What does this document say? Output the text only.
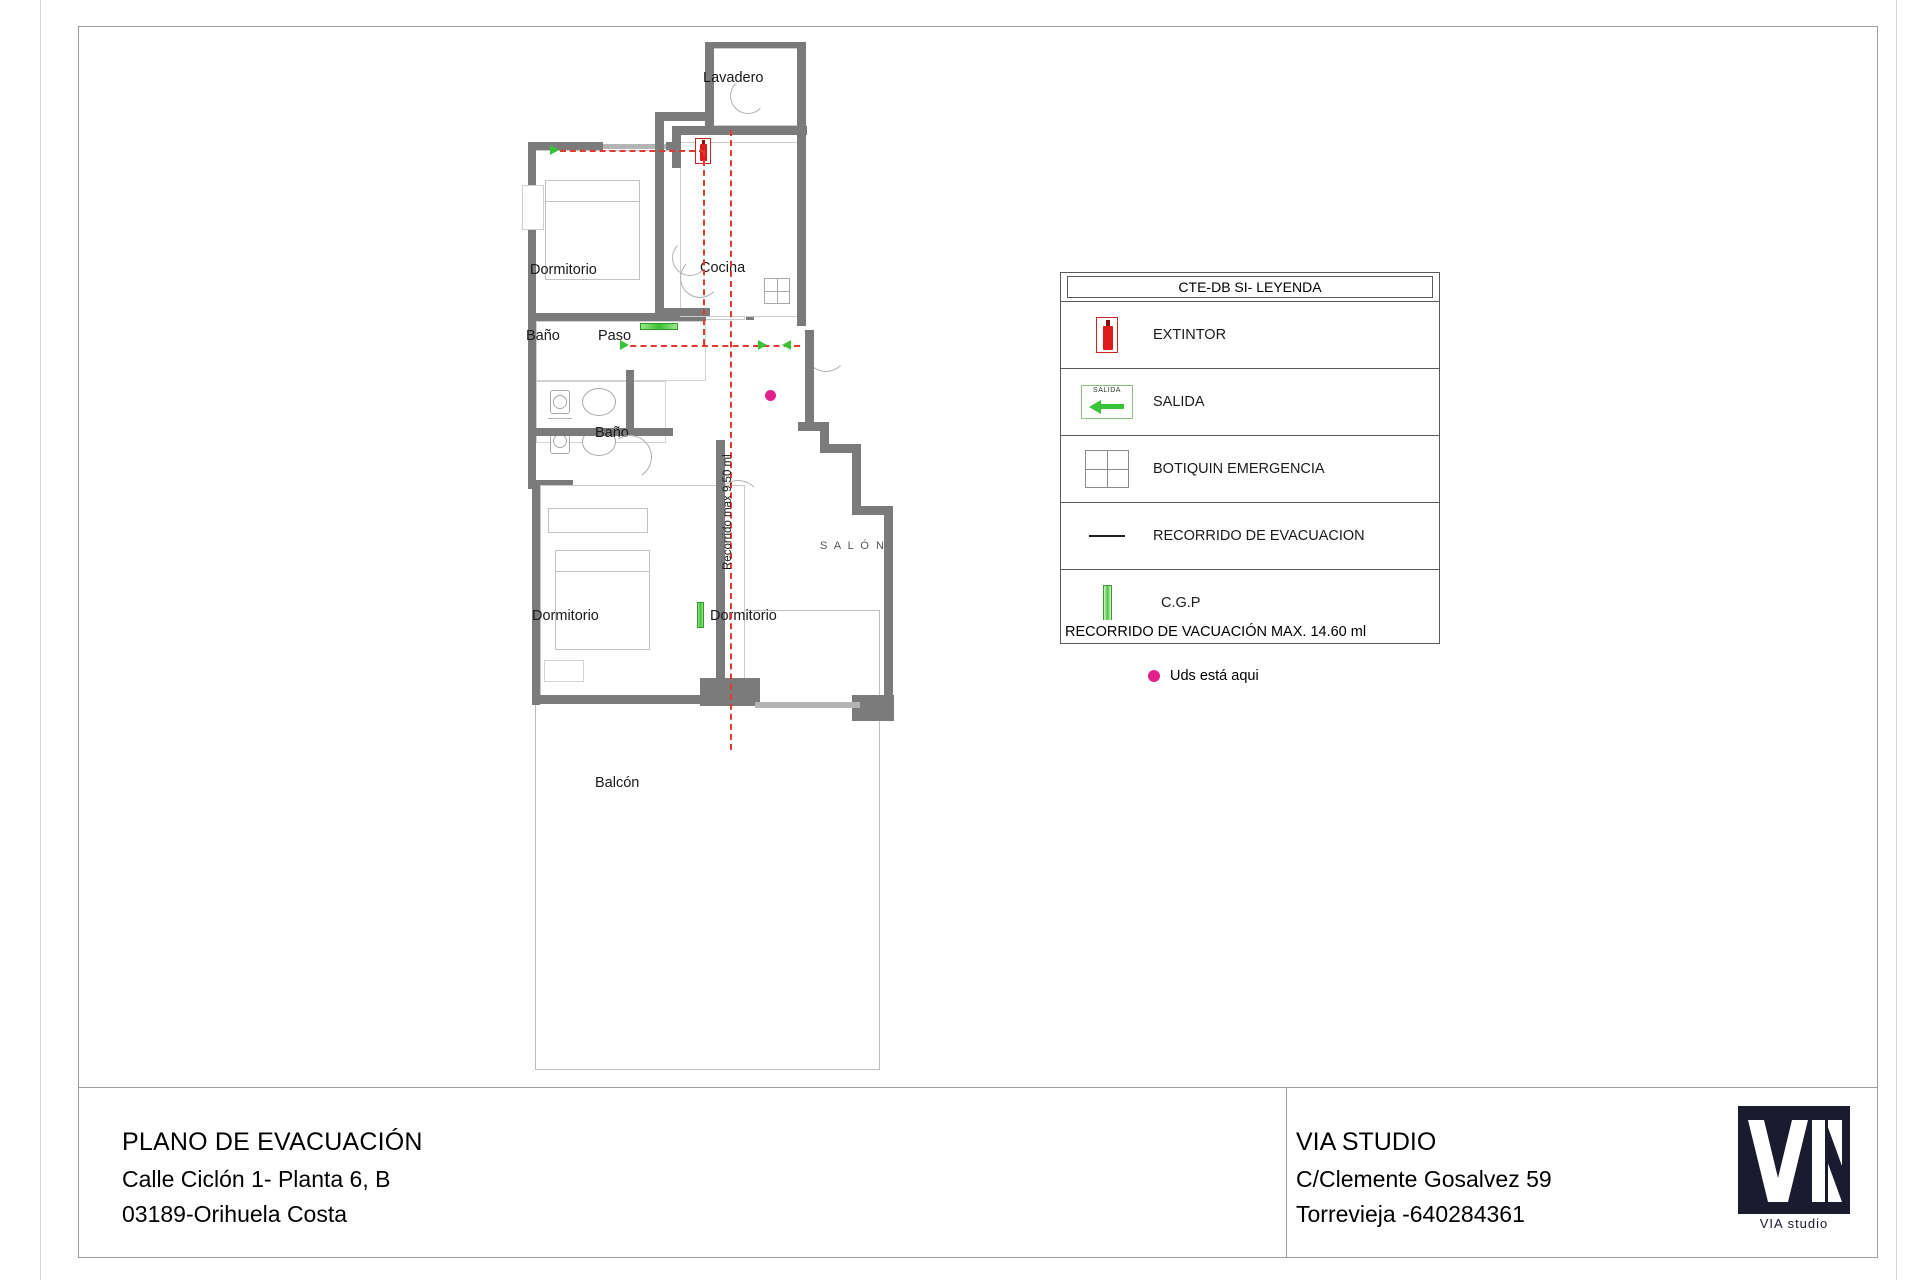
Lavadero
Cocina
Dormitorio
Baño	Paso
Baño
Dormitorio
S A L Ó N
Dormitorio
Balcón
Recorrido max 9.50 ml
CTE-DB SI- LEYENDA
EXTINTOR
SALIDA
SALIDA
BOTIQUIN EMERGENCIA
RECORRIDO DE EVACUACION
C.G.P
RECORRIDO DE VACUACIÓN MAX. 14.60 ml
Uds está aqui
PLANO DE EVACUACIÓN
Calle Ciclón 1- Planta 6, B
03189-Orihuela Costa
VIA STUDIO
C/Clemente Gosalvez 59
Torrevieja -640284361	VIA studio
